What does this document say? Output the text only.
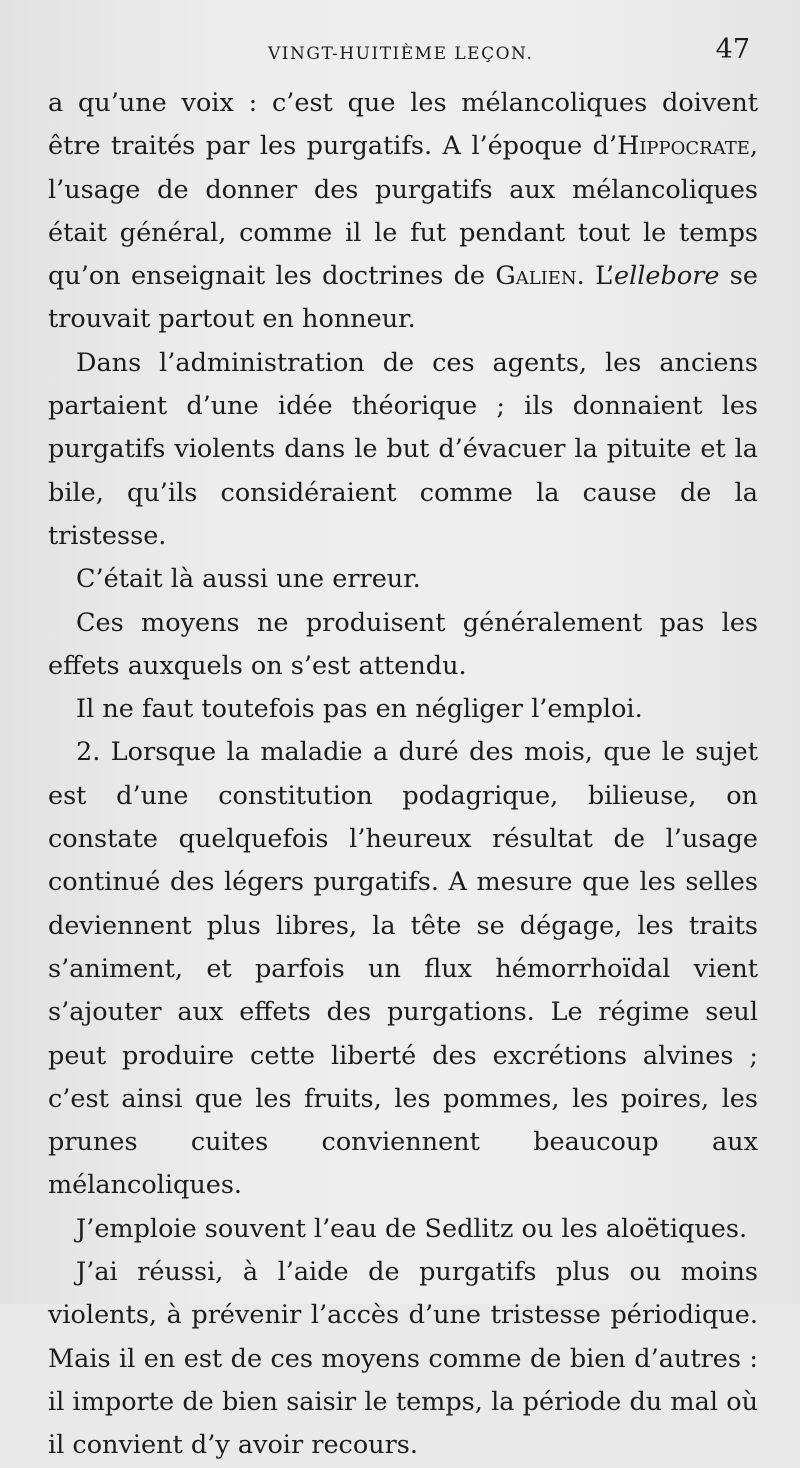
VINGT-HUITIÈME LEÇON.	47

a qu’une voix : c’est que les mélancoliques doivent être traités par les purgatifs. A l’époque d’Hippocrate, l’usage de donner des purgatifs aux mélancoliques était général, comme il le fut pendant tout le temps qu’on enseignait les doctrines de Galien. L’ellebore se trouvait partout en honneur.

Dans l’administration de ces agents, les anciens partaient d’une idée théorique ; ils donnaient les purgatifs violents dans le but d’évacuer la pituite et la bile, qu’ils considéraient comme la cause de la tristesse.

C’était là aussi une erreur.

Ces moyens ne produisent généralement pas les effets auxquels on s’est attendu.

Il ne faut toutefois pas en négliger l’emploi.

2. Lorsque la maladie a duré des mois, que le sujet est d’une constitution podagrique, bilieuse, on constate quelquefois l’heureux résultat de l’usage continué des légers purgatifs. A mesure que les selles deviennent plus libres, la tête se dégage, les traits s’animent, et parfois un flux hémorrhoïdal vient s’ajouter aux effets des purgations. Le régime seul peut produire cette liberté des excrétions alvines ; c’est ainsi que les fruits, les pommes, les poires, les prunes cuites conviennent beaucoup aux mélancoliques.

J’emploie souvent l’eau de Sedlitz ou les aloëtiques.

J’ai réussi, à l’aide de purgatifs plus ou moins violents, à prévenir l’accès d’une tristesse périodique. Mais il en est de ces moyens comme de bien d’autres : il importe de bien saisir le temps, la période du mal où il convient d’y avoir recours.
